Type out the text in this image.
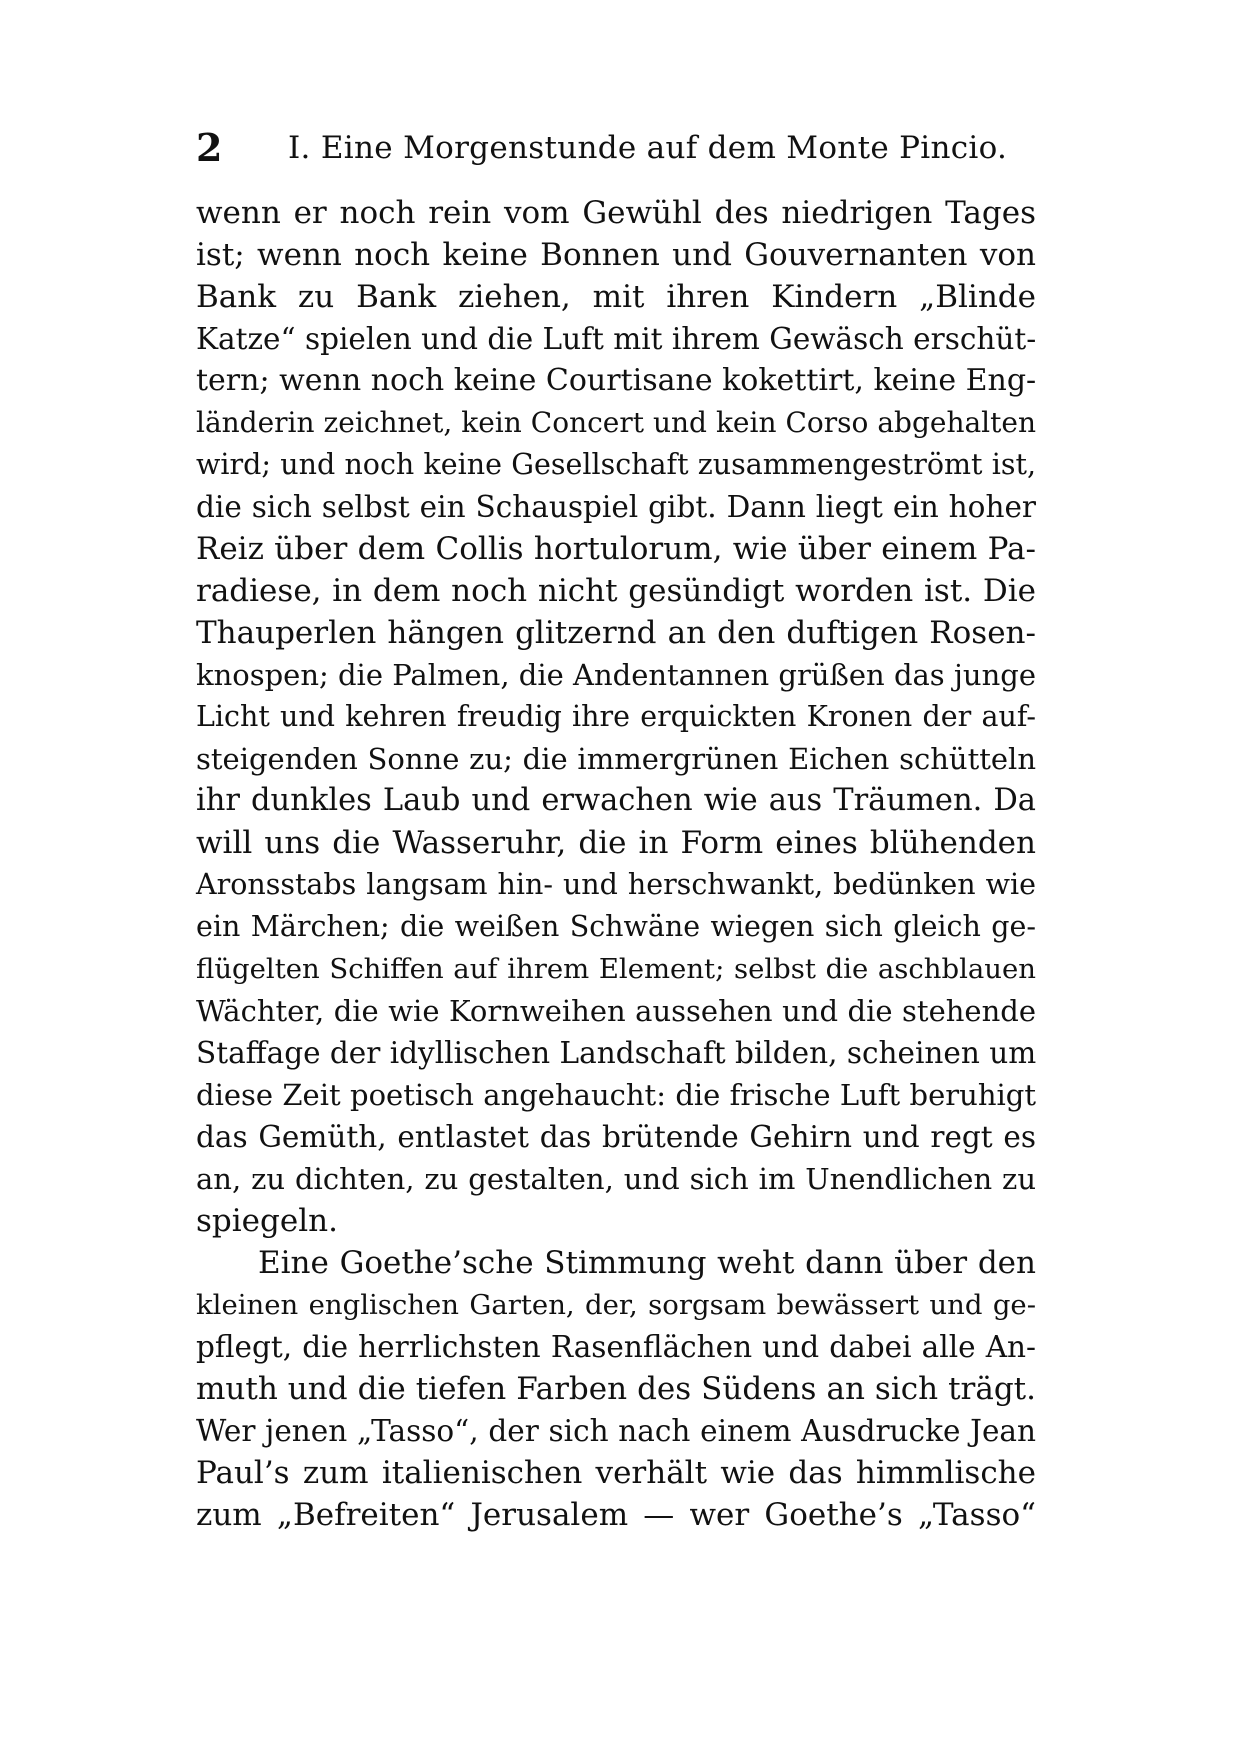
2 I. Eine Morgenstunde auf dem Monte Pincio.
wenn er noch rein vom Gewühl des niedrigen Tages
ist; wenn noch keine Bonnen und Gouvernanten von
Bank zu Bank ziehen, mit ihren Kindern „Blinde
Katze“ spielen und die Luft mit ihrem Gewäsch erschüt-
tern; wenn noch keine Courtisane kokettirt, keine Eng-
länderin zeichnet, kein Concert und kein Corso abgehalten
wird; und noch keine Gesellschaft zusammengeströmt ist,
die sich selbst ein Schauspiel gibt. Dann liegt ein hoher
Reiz über dem Collis hortulorum, wie über einem Pa-
radiese, in dem noch nicht gesündigt worden ist. Die
Thauperlen hängen glitzernd an den duftigen Rosen-
knospen; die Palmen, die Andentannen grüßen das junge
Licht und kehren freudig ihre erquickten Kronen der auf-
steigenden Sonne zu; die immergrünen Eichen schütteln
ihr dunkles Laub und erwachen wie aus Träumen. Da
will uns die Wasseruhr, die in Form eines blühenden
Aronsstabs langsam hin- und herschwankt, bedünken wie
ein Märchen; die weißen Schwäne wiegen sich gleich ge-
flügelten Schiffen auf ihrem Element; selbst die aschblauen
Wächter, die wie Kornweihen aussehen und die stehende
Staffage der idyllischen Landschaft bilden, scheinen um
diese Zeit poetisch angehaucht: die frische Luft beruhigt
das Gemüth, entlastet das brütende Gehirn und regt es
an, zu dichten, zu gestalten, und sich im Unendlichen zu
spiegeln.
Eine Goethe’sche Stimmung weht dann über den
kleinen englischen Garten, der, sorgsam bewässert und ge-
pflegt, die herrlichsten Rasenflächen und dabei alle An-
muth und die tiefen Farben des Südens an sich trägt.
Wer jenen „Tasso“, der sich nach einem Ausdrucke Jean
Paul’s zum italienischen verhält wie das himmlische
zum „Befreiten“ Jerusalem — wer Goethe’s „Tasso“
